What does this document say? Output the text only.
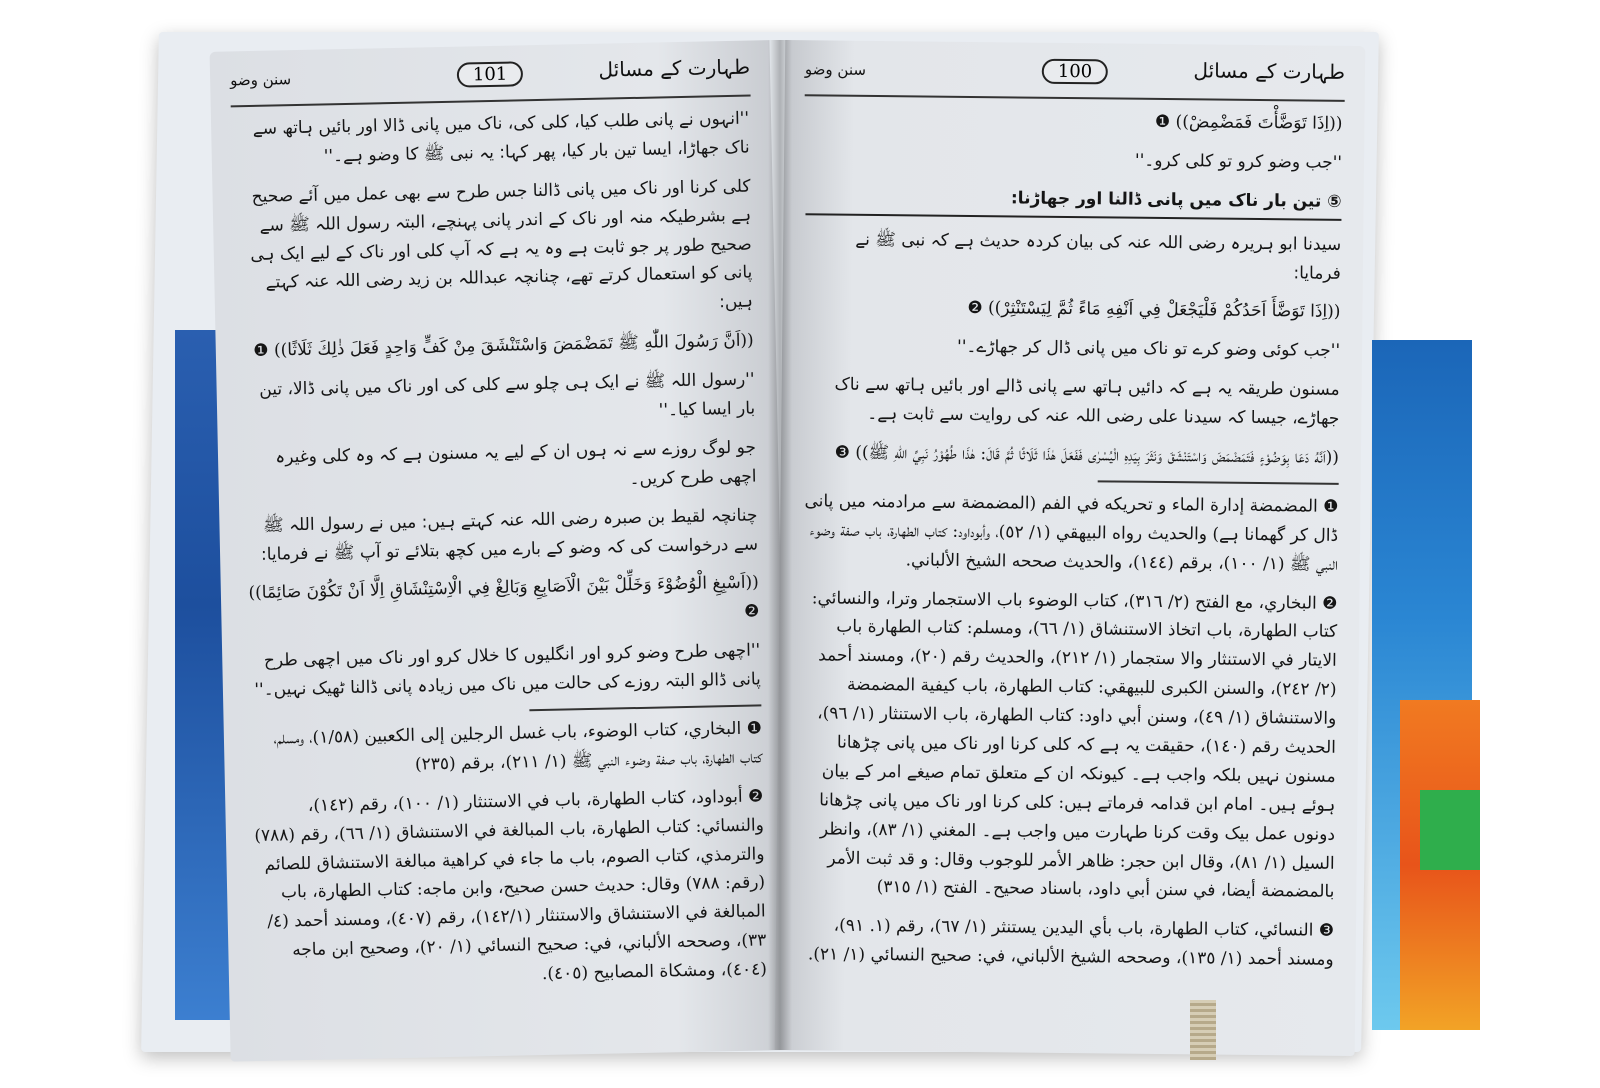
طہارت کے مسائل
101
سنن وضو

''انہوں نے پانی طلب کیا، کلی کی، ناک میں پانی ڈالا اور بائیں ہاتھ سے ناک جھاڑا، ایسا تین بار کیا، پھر کہا: یہ نبی ﷺ کا وضو ہے۔''

کلی کرنا اور ناک میں پانی ڈالنا جس طرح سے بھی عمل میں آئے صحیح ہے بشرطیکہ منہ اور ناک کے اندر پانی پہنچے، البتہ رسول اللہ ﷺ سے صحیح طور پر جو ثابت ہے وہ یہ ہے کہ آپ کلی اور ناک کے لیے ایک ہی پانی کو استعمال کرتے تھے، چنانچہ عبداللہ بن زید رضی اللہ عنہ کہتے ہیں:

((اَنَّ رَسُولَ اللّٰهِ ﷺ تَمَضْمَضَ وَاسْتَنْشَقَ مِنْ كَفٍّ وَاحِدٍ فَعَلَ ذٰلِكَ ثَلَاثًا)) ❶

''رسول اللہ ﷺ نے ایک ہی چلو سے کلی کی اور ناک میں پانی ڈالا، تین بار ایسا کیا۔''

جو لوگ روزے سے نہ ہوں ان کے لیے یہ مسنون ہے کہ وہ کلی وغیرہ اچھی طرح کریں۔

چنانچہ لقیط بن صبرہ رضی اللہ عنہ کہتے ہیں: میں نے رسول اللہ ﷺ سے درخواست کی کہ وضو کے بارے میں کچھ بتلائے تو آپ ﷺ نے فرمایا:

((اَسْبِغِ الْوُضُوْءَ وَخَلِّلْ بَيْنَ الْاَصَابِعِ وَبَالِغْ فِي الْاِسْتِنْشَاقِ اِلَّا اَنْ تَكُوْنَ صَائِمًا)) ❷

''اچھی طرح وضو کرو اور انگلیوں کا خلال کرو اور ناک میں اچھی طرح پانی ڈالو البتہ روزے کی حالت میں ناک میں زیادہ پانی ڈالنا ٹھیک نہیں۔''

❶ البخاري، كتاب الوضوء، باب غسل الرجلين إلى الكعبين (١/٥٨)، ومسلم، كتاب الطهارة، باب صفة وضوء النبي ﷺ (١/ ٢١١)، برقم (٢٣٥)

❷ أبوداود، كتاب الطهارة، باب في الاستنثار (١/ ١٠٠)، رقم (١٤٢)، والنسائي: كتاب الطهارة، باب المبالغة في الاستنشاق (١/ ٦٦)، رقم (٧٨٨) والترمذي، كتاب الصوم، باب ما جاء في كراهية مبالغة الاستنشاق للصائم (رقم: ٧٨٨) وقال: حديث حسن صحيح، وابن ماجه: كتاب الطهارة، باب المبالغة في الاستنشاق والاستنثار (١٤٢/١)، رقم (٤٠٧)، ومسند أحمد (٤/ ٣٣)، وصححه الألباني، في: صحيح النسائي (١/ ٢٠)، وصحيح ابن ماجه (٤٠٤)، ومشكاة المصابيح (٤٠٥).

طہارت کے مسائل
100
سنن وضو

((اِذَا تَوَضَّأْتَ فَمَضْمِضْ)) ❶

''جب وضو کرو تو کلی کرو۔''

⑤ تین بار ناک میں پانی ڈالنا اور جھاڑنا:

سیدنا ابو ہریرہ رضی اللہ عنہ کی بیان کردہ حدیث ہے کہ نبی ﷺ نے فرمایا:

((اِذَا تَوَضَّأَ اَحَدُكُمْ فَلْيَجْعَلْ فِي اَنْفِهِ مَاءً ثُمَّ لِيَسْتَنْثِرْ)) ❷

''جب کوئی وضو کرے تو ناک میں پانی ڈال کر جھاڑے۔''

مسنون طریقہ یہ ہے کہ دائیں ہاتھ سے پانی ڈالے اور بائیں ہاتھ سے ناک جھاڑے، جیسا کہ سیدنا علی رضی اللہ عنہ کی روایت سے ثابت ہے۔

((اَنَّهُ دَعَا بِوَضُوْءٍ فَتَمَضْمَضَ وَاسْتَنْشَقَ وَنَثَرَ بِيَدِهِ الْيُسْرٰى فَفَعَلَ هٰذَا ثَلَاثًا ثُمَّ قَالَ: هٰذَا طُهُوْرُ نَبِيِّ اللّٰهِ ﷺ)) ❸

❶ المضمضة إدارة الماء و تحريكه في الفم (المضمضة سے مرادمنہ میں پانی ڈال کر گھمانا ہے) والحديث رواه البيهقي (١/ ٥٢)، وأبوداود: كتاب الطهارة، باب صفة وضوء النبي ﷺ (١/ ١٠٠)، برقم (١٤٤)، والحديث صححه الشيخ الألباني.

❷ البخاري، مع الفتح (٢/ ٣١٦)، كتاب الوضوء باب الاستجمار وترا، والنسائي: كتاب الطهارة، باب اتخاذ الاستنشاق (١/ ٦٦)، ومسلم: كتاب الطهارة باب الايتار في الاستنثار والا ستجمار (١/ ٢١٢)، والحديث رقم (٢٠)، ومسند أحمد (٢/ ٢٤٢)، والسنن الكبرى للبيهقي: كتاب الطهارة، باب كيفية المضمضة والاستنشاق (١/ ٤٩)، وسنن أبي داود: كتاب الطهارة، باب الاستنثار (١/ ٩٦)، الحديث رقم (١٤٠)، حقیقت یہ ہے کہ کلی کرنا اور ناک میں پانی چڑھانا مسنون نہیں بلکہ واجب ہے۔ کیونکہ ان کے متعلق تمام صیغے امر کے بیان ہوئے ہیں۔ امام ابن قدامہ فرماتے ہیں: کلی کرنا اور ناک میں پانی چڑھانا دونوں عمل بیک وقت کرنا طہارت میں واجب ہے۔ المغني (١/ ٨٣)، وانظر السيل (١/ ٨١)، وقال ابن حجر: ظاهر الأمر للوجوب وقال: و قد ثبت الأمر بالمضمضة أيضا، في سنن أبي داود، باسناد صحيح۔ الفتح (١/ ٣١٥)

❸ النسائي، كتاب الطهارة، باب بأي اليدين يستنثر (١/ ٦٧)، رقم (١. ٩١)، ومسند أحمد (١/ ١٣٥)، وصححه الشيخ الألباني، في: صحيح النسائي (١/ ٢١).
